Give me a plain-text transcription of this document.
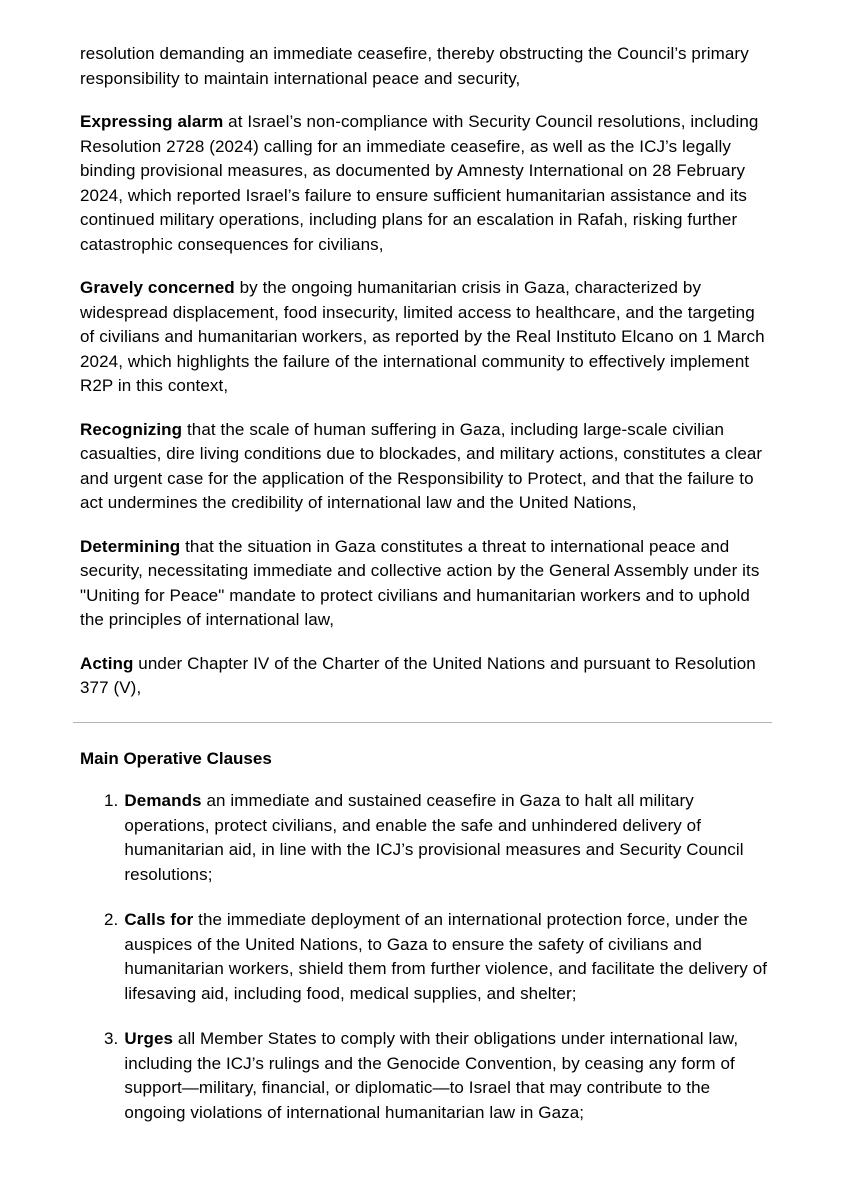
resolution demanding an immediate ceasefire, thereby obstructing the Council’s primary responsibility to maintain international peace and security,

Expressing alarm at Israel’s non-compliance with Security Council resolutions, including Resolution 2728 (2024) calling for an immediate ceasefire, as well as the ICJ’s legally binding provisional measures, as documented by Amnesty International on 28 February 2024, which reported Israel’s failure to ensure sufficient humanitarian assistance and its continued military operations, including plans for an escalation in Rafah, risking further catastrophic consequences for civilians,

Gravely concerned by the ongoing humanitarian crisis in Gaza, characterized by widespread displacement, food insecurity, limited access to healthcare, and the targeting of civilians and humanitarian workers, as reported by the Real Instituto Elcano on 1 March 2024, which highlights the failure of the international community to effectively implement R2P in this context,

Recognizing that the scale of human suffering in Gaza, including large-scale civilian casualties, dire living conditions due to blockades, and military actions, constitutes a clear and urgent case for the application of the Responsibility to Protect, and that the failure to act undermines the credibility of international law and the United Nations,

Determining that the situation in Gaza constitutes a threat to international peace and security, necessitating immediate and collective action by the General Assembly under its "Uniting for Peace" mandate to protect civilians and humanitarian workers and to uphold the principles of international law,

Acting under Chapter IV of the Charter of the United Nations and pursuant to Resolution 377 (V),

Main Operative Clauses
1. Demands an immediate and sustained ceasefire in Gaza to halt all military operations, protect civilians, and enable the safe and unhindered delivery of humanitarian aid, in line with the ICJ’s provisional measures and Security Council resolutions;
2. Calls for the immediate deployment of an international protection force, under the auspices of the United Nations, to Gaza to ensure the safety of civilians and humanitarian workers, shield them from further violence, and facilitate the delivery of lifesaving aid, including food, medical supplies, and shelter;
3. Urges all Member States to comply with their obligations under international law, including the ICJ’s rulings and the Genocide Convention, by ceasing any form of support—military, financial, or diplomatic—to Israel that may contribute to the ongoing violations of international humanitarian law in Gaza;
